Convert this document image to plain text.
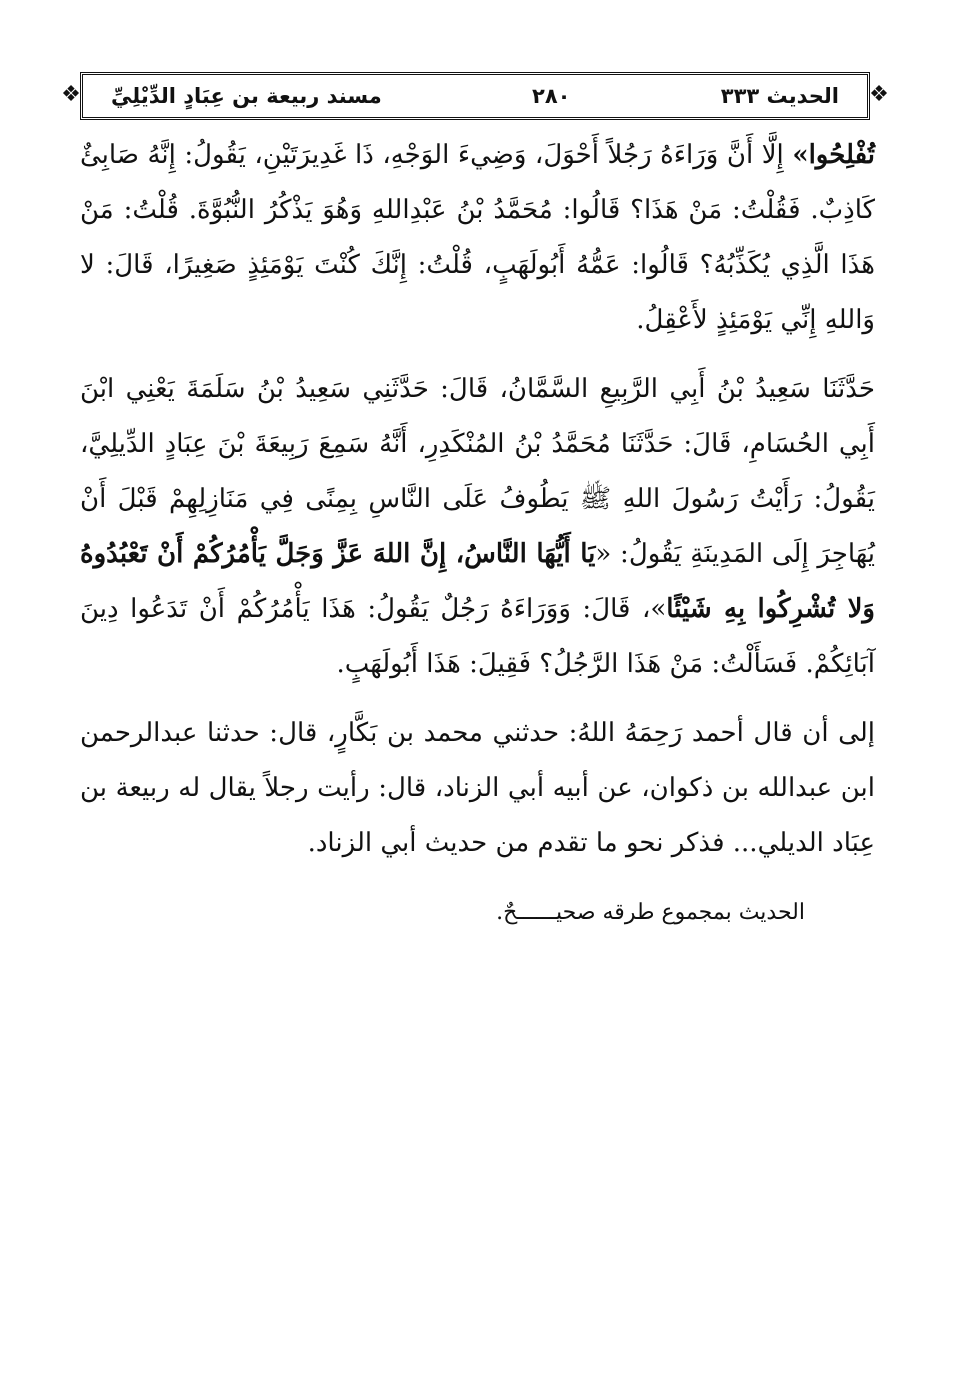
❖	الحديث ٣٣٣
٢٨٠
مسند ربيعة بن عِبَادٍ الدِّيْلِيِّ	❖

تُفْلِحُوا» إِلَّا أَنَّ وَرَاءَهُ رَجُلاً أَحْوَلَ، وَضِيءَ الوَجْهِ، ذَا غَدِيرَتَيْنِ، يَقُولُ: إِنَّهُ صَابِئٌ كَاذِبٌ. فَقُلْتُ: مَنْ هَذَا؟ قَالُوا: مُحَمَّدُ بْنُ عَبْدِاللهِ وَهُوَ يَذْكُرُ النُّبُوَّةَ. قُلْتُ: مَنْ هَذَا الَّذِي يُكَذِّبُهُ؟ قَالُوا: عَمُّهُ أَبُولَهَبٍ، قُلْتُ: إِنَّكَ كُنْتَ يَوْمَئِذٍ صَغِيرًا، قَالَ: لا وَاللهِ إِنِّي يَوْمَئِذٍ لأَعْقِلُ.

حَدَّثَنَا سَعِيدُ بْنُ أَبِي الرَّبِيعِ السَّمَّانُ، قَالَ: حَدَّثَنِي سَعِيدُ بْنُ سَلَمَةَ يَعْنِي ابْنَ أَبِي الحُسَامِ، قَالَ: حَدَّثَنَا مُحَمَّدُ بْنُ المُنْكَدِرِ، أَنَّهُ سَمِعَ رَبِيعَةَ بْنَ عِبَادٍ الدِّيلِيَّ، يَقُولُ: رَأَيْتُ رَسُولَ اللهِ ﷺ يَطُوفُ عَلَى النَّاسِ بِمِنًى فِي مَنَازِلِهِمْ قَبْلَ أَنْ يُهَاجِرَ إِلَى المَدِينَةِ يَقُولُ: «يَا أَيُّهَا النَّاسُ، إِنَّ اللهَ عَزَّ وَجَلَّ يَأْمُرُكُمْ أَنْ تَعْبُدُوهُ وَلا تُشْرِكُوا بِهِ شَيْئًا»، قَالَ: وَوَرَاءَهُ رَجُلٌ يَقُولُ: هَذَا يَأْمُرُكُمْ أَنْ تَدَعُوا دِينَ آبَائِكُمْ. فَسَأَلْتُ: مَنْ هَذَا الرَّجُلُ؟ فَقِيلَ: هَذَا أَبُولَهَبٍ.

إلى أن قال أحمد رَحِمَهُ اللهُ: حدثني محمد بن بَكَّارٍ، قال: حدثنا عبدالرحمن ابن عبدالله بن ذكوان، عن أبيه أبي الزناد، قال: رأيت رجلاً يقال له ربيعة بن عِبَاد الديلي... فذكر نحو ما تقدم من حديث أبي الزناد.

الحديث بمجموع طرقه صحيــــــحٌ.
